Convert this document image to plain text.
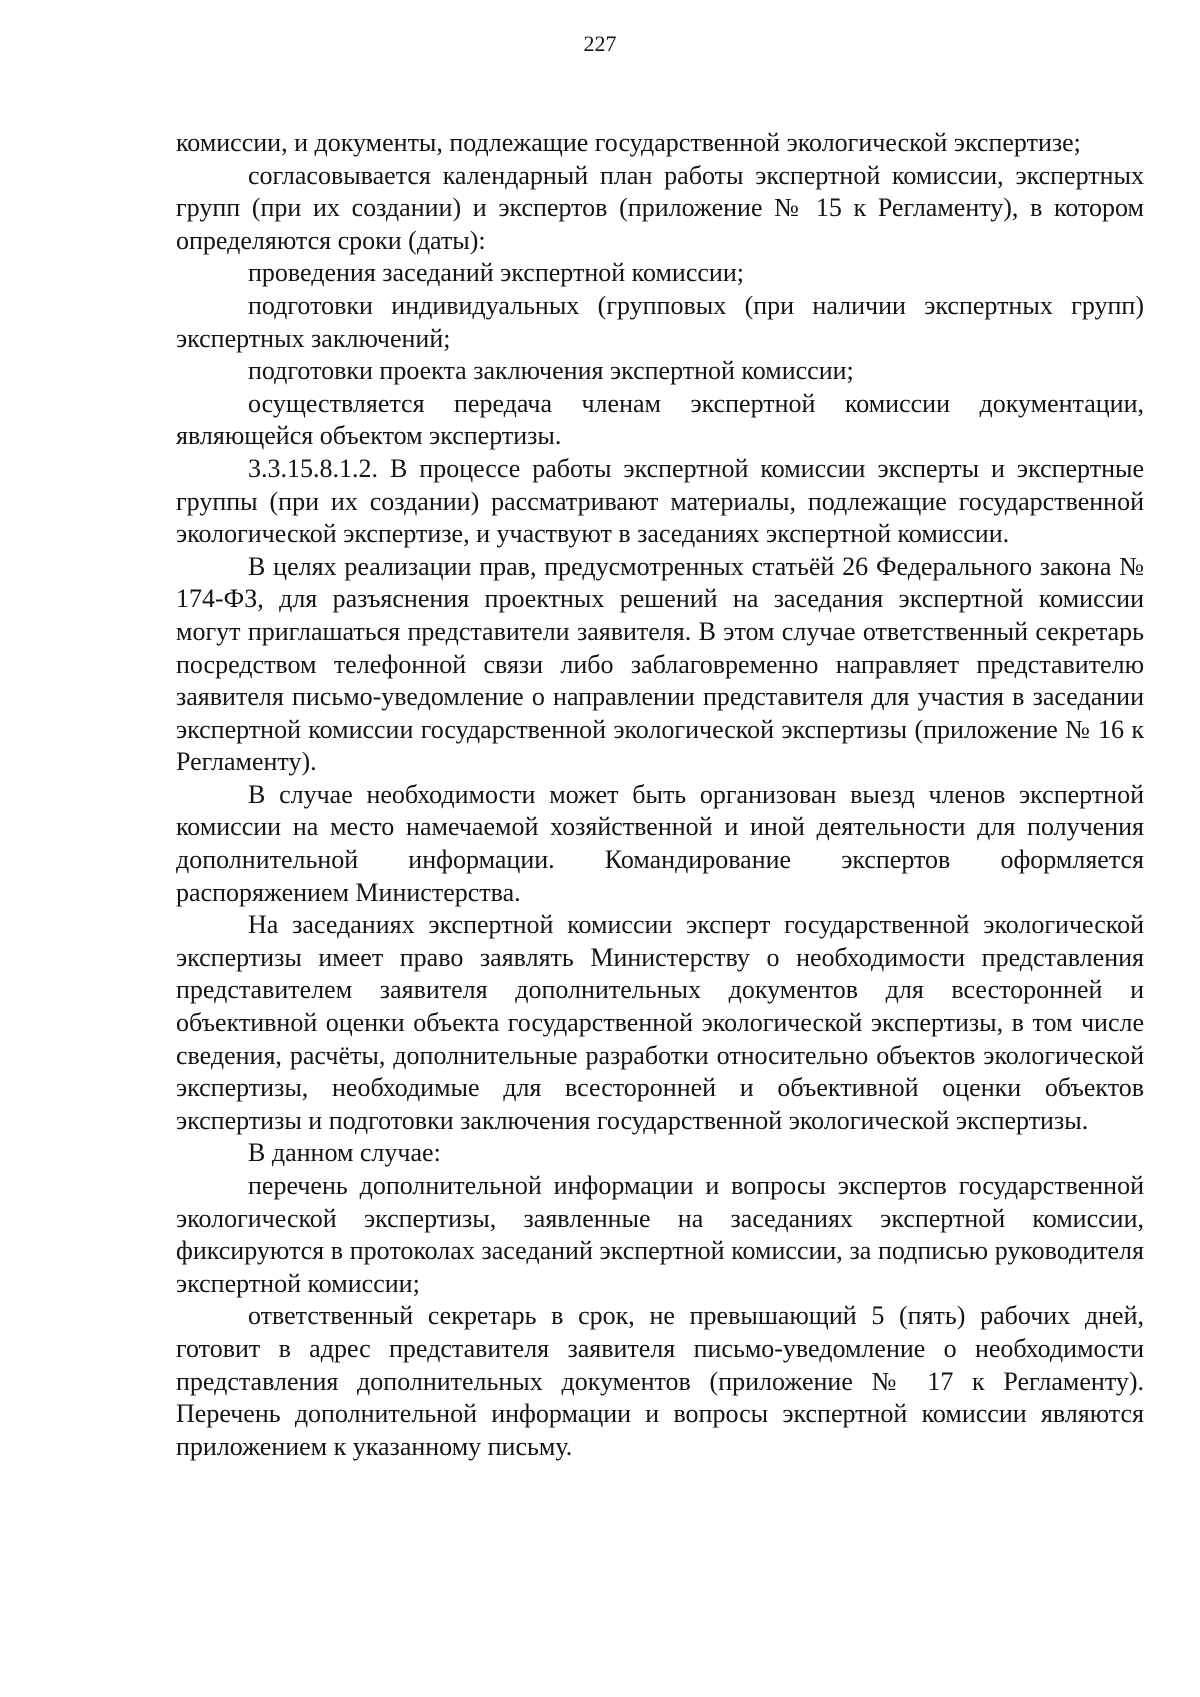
227

комиссии, и документы, подлежащие государственной экологической экспертизе;

согласовывается календарный план работы экспертной комиссии, экспертных групп (при их создании) и экспертов (приложение № 15 к Регламенту), в котором определяются сроки (даты):

проведения заседаний экспертной комиссии;

подготовки индивидуальных (групповых (при наличии экспертных групп) экспертных заключений;

подготовки проекта заключения экспертной комиссии;

осуществляется передача членам экспертной комиссии документации, являющейся объектом экспертизы.

3.3.15.8.1.2. В процессе работы экспертной комиссии эксперты и экспертные группы (при их создании) рассматривают материалы, подлежащие государственной экологической экспертизе, и участвуют в заседаниях экспертной комиссии.

В целях реализации прав, предусмотренных статьёй 26 Федерального закона № 174-ФЗ, для разъяснения проектных решений на заседания экспертной комиссии могут приглашаться представители заявителя. В этом случае ответственный секретарь посредством телефонной связи либо заблаговременно направляет представителю заявителя письмо-уведомление о направлении представителя для участия в заседании экспертной комиссии государственной экологической экспертизы (приложение № 16 к Регламенту).

В случае необходимости может быть организован выезд членов экспертной комиссии на место намечаемой хозяйственной и иной деятельности для получения дополнительной информации. Командирование экспертов оформляется распоряжением Министерства.

На заседаниях экспертной комиссии эксперт государственной экологической экспертизы имеет право заявлять Министерству о необходимости представления представителем заявителя дополнительных документов для всесторонней и объективной оценки объекта государственной экологической экспертизы, в том числе сведения, расчёты, дополнительные разработки относительно объектов экологической экспертизы, необходимые для всесторонней и объективной оценки объектов экспертизы и подготовки заключения государственной экологической экспертизы.

В данном случае:

перечень дополнительной информации и вопросы экспертов государственной экологической экспертизы, заявленные на заседаниях экспертной комиссии, фиксируются в протоколах заседаний экспертной комиссии, за подписью руководителя экспертной комиссии;

ответственный секретарь в срок, не превышающий 5 (пять) рабочих дней, готовит в адрес представителя заявителя письмо-уведомление о необходимости представления дополнительных документов (приложение № 17 к Регламенту). Перечень дополнительной информации и вопросы экспертной комиссии являются приложением к указанному письму.
